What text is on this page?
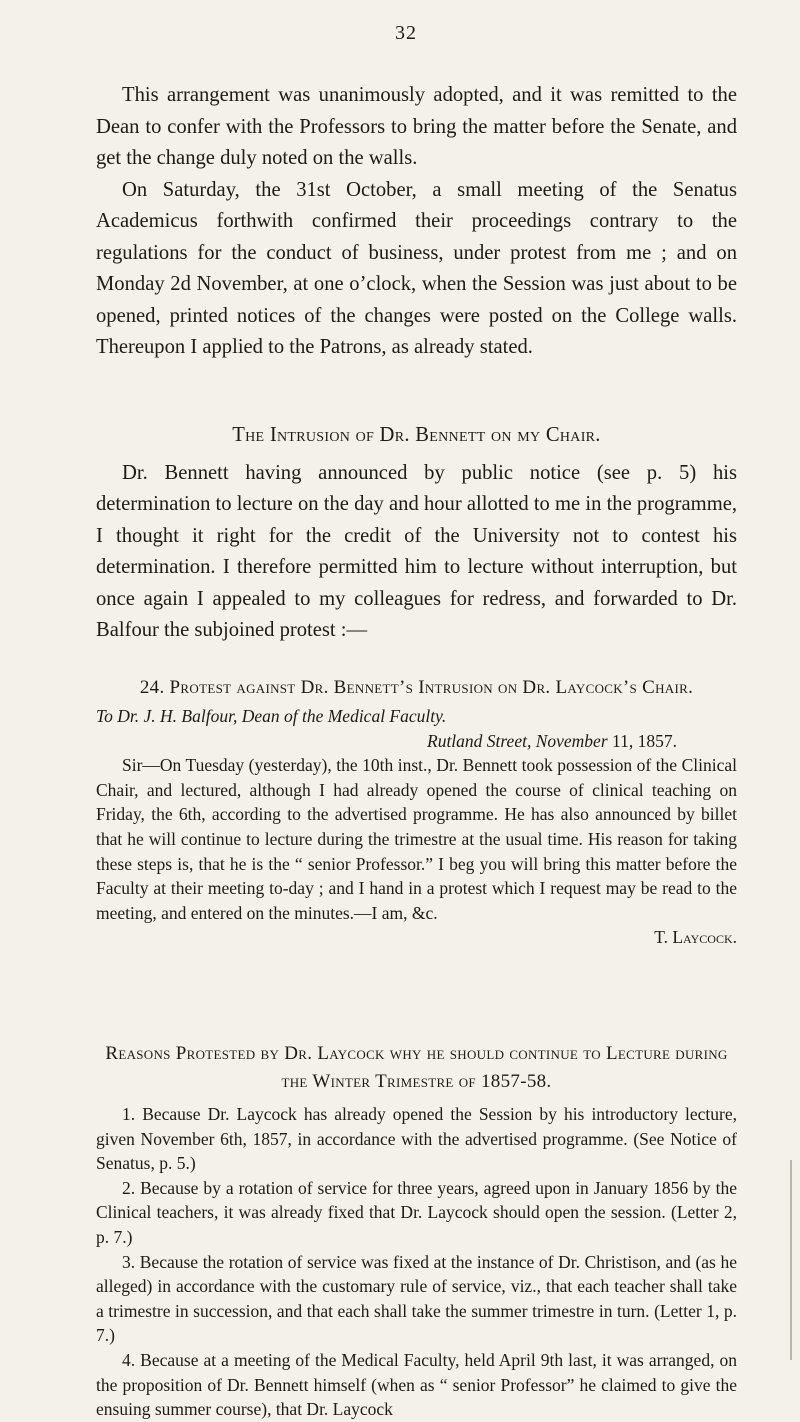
32

This arrangement was unanimously adopted, and it was remitted to the Dean to confer with the Professors to bring the matter before the Senate, and get the change duly noted on the walls.

On Saturday, the 31st October, a small meeting of the Senatus Academicus forthwith confirmed their proceedings contrary to the regulations for the conduct of business, under protest from me ; and on Monday 2d November, at one o’clock, when the Session was just about to be opened, printed notices of the changes were posted on the College walls. Thereupon I applied to the Patrons, as already stated.

The Intrusion of Dr. Bennett on my Chair.

Dr. Bennett having announced by public notice (see p. 5) his determination to lecture on the day and hour allotted to me in the programme, I thought it right for the credit of the University not to contest his determination. I therefore permitted him to lecture without interruption, but once again I appealed to my colleagues for redress, and forwarded to Dr. Balfour the subjoined protest :—

24. Protest against Dr. Bennett’s Intrusion on Dr. Laycock’s Chair.

To Dr. J. H. Balfour, Dean of the Medical Faculty.

Rutland Street, November 11, 1857.

Sir—On Tuesday (yesterday), the 10th inst., Dr. Bennett took possession of the Clinical Chair, and lectured, although I had already opened the course of clinical teaching on Friday, the 6th, according to the advertised programme. He has also announced by billet that he will continue to lecture during the trimestre at the usual time. His reason for taking these steps is, that he is the “ senior Professor.” I beg you will bring this matter before the Faculty at their meeting to-day ; and I hand in a protest which I request may be read to the meeting, and entered on the minutes.—I am, &c.

T. Laycock.

Reasons Protested by Dr. Laycock why he should continue to Lecture during the Winter Trimestre of 1857-58.

1. Because Dr. Laycock has already opened the Session by his introductory lecture, given November 6th, 1857, in accordance with the advertised programme. (See Notice of Senatus, p. 5.)

2. Because by a rotation of service for three years, agreed upon in January 1856 by the Clinical teachers, it was already fixed that Dr. Laycock should open the session. (Letter 2, p. 7.)

3. Because the rotation of service was fixed at the instance of Dr. Christison, and (as he alleged) in accordance with the customary rule of service, viz., that each teacher shall take a trimestre in succession, and that each shall take the summer trimestre in turn. (Letter 1, p. 7.)

4. Because at a meeting of the Medical Faculty, held April 9th last, it was arranged, on the proposition of Dr. Bennett himself (when as “ senior Professor” he claimed to give the ensuing summer course), that Dr. Laycock
